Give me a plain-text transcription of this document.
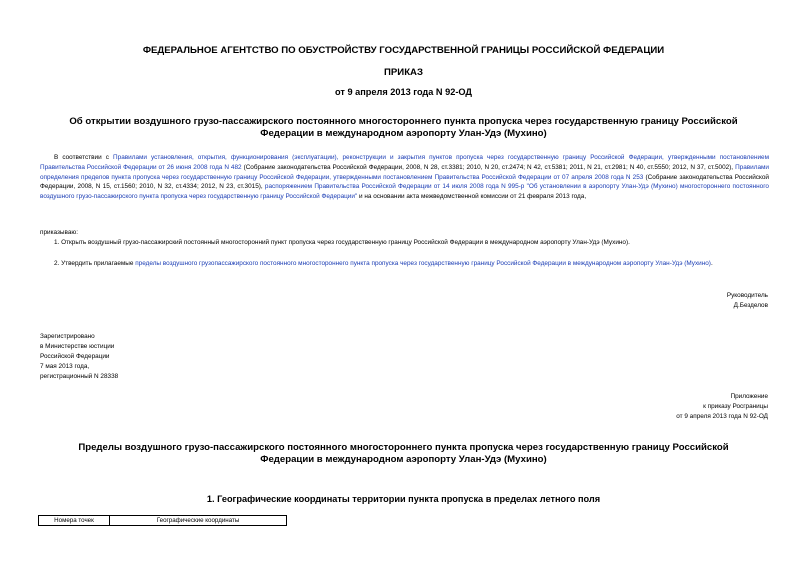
ФЕДЕРАЛЬНОЕ АГЕНТСТВО ПО ОБУСТРОЙСТВУ ГОСУДАРСТВЕННОЙ ГРАНИЦЫ РОССИЙСКОЙ ФЕДЕРАЦИИ
ПРИКАЗ
от 9 апреля 2013 года N 92-ОД
Об открытии воздушного грузо-пассажирского постоянного многостороннего пункта пропуска через государственную границу Российской Федерации в международном аэропорту Улан-Удэ (Мухино)
В соответствии с Правилами установления, открытия, функционирования (эксплуатации), реконструкции и закрытия пунктов пропуска через государственную границу Российской Федерации, утвержденными постановлением Правительства Российской Федерации от 26 июня 2008 года N 482 (Собрание законодательства Российской Федерации, 2008, N 28, ст.3381; 2010, N 20, ст.2474; N 42, ст.5381; 2011, N 21, ст.2981; N 40, ст.5550; 2012, N 37, ст.5002), Правилами определения пределов пункта пропуска через государственную границу Российской Федерации, утвержденными постановлением Правительства Российской Федерации от 07 апреля 2008 года N 253 (Собрание законодательства Российской Федерации, 2008, N 15, ст.1560; 2010, N 32, ст.4334; 2012, N 23, ст.3015), распоряжением Правительства Российской Федерации от 14 июля 2008 года N 995-р "Об установлении в аэропорту Улан-Удэ (Мухино) многостороннего постоянного воздушного грузо-пассажирского пункта пропуска через государственную границу Российской Федерации" и на основании акта межведомственной комиссии от 21 февраля 2013 года,
приказываю:
1. Открыть воздушный грузо-пассажирский постоянный многосторонний пункт пропуска через государственную границу Российской Федерации в международном аэропорту Улан-Удэ (Мухино).
2. Утвердить прилагаемые пределы воздушного грузопассажирского постоянного многостороннего пункта пропуска через государственную границу Российской Федерации в международном аэропорту Улан-Удэ (Мухино).
Руководитель
Д.Безделов
Зарегистрировано
в Министерстве юстиции
Российской Федерации
7 мая 2013 года,
регистрационный N 28338
Приложение
к приказу Росграницы
от 9 апреля 2013 года N 92-ОД
Пределы воздушного грузо-пассажирского постоянного многостороннего пункта пропуска через государственную границу Российской Федерации в международном аэропорту Улан-Удэ (Мухино)
1. Географические координаты территории пункта пропуска в пределах летного поля
Номера точек	Географические координаты
